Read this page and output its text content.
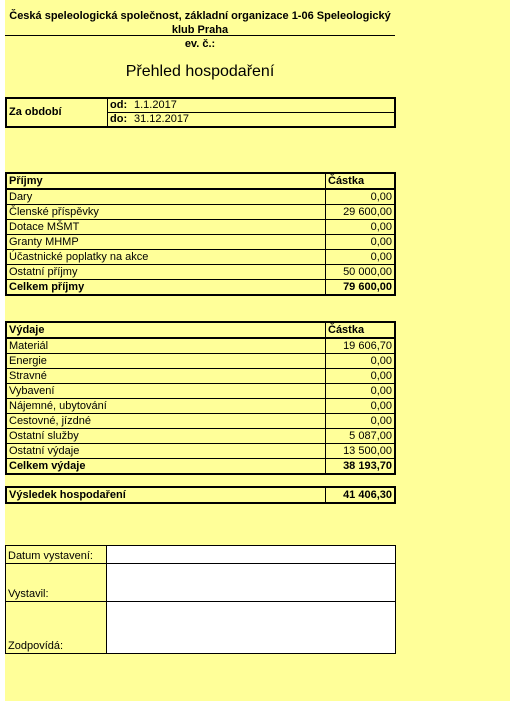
Česká speleologická společnost, základní organizace 1-06 Speleologický klub Praha
ev. č.:
Přehled hospodaření
Za období	od:	1.1.2017
	do:	31.12.2017
Příjmy	Částka
Dary	0,00
Členské příspěvky	29 600,00
Dotace MŠMT	0,00
Granty MHMP	0,00
Účastnické poplatky na akce	0,00
Ostatní příjmy	50 000,00
Celkem příjmy	79 600,00
Výdaje	Částka
Materiál	19 606,70
Energie	0,00
Stravné	0,00
Vybavení	0,00
Nájemné, ubytování	0,00
Cestovné, jízdné	0,00
Ostatní služby	5 087,00
Ostatní výdaje	13 500,00
Celkem výdaje	38 193,70
Výsledek hospodaření	41 406,30
Datum vystavení:	
Vystavil:	
Zodpovídá:	
